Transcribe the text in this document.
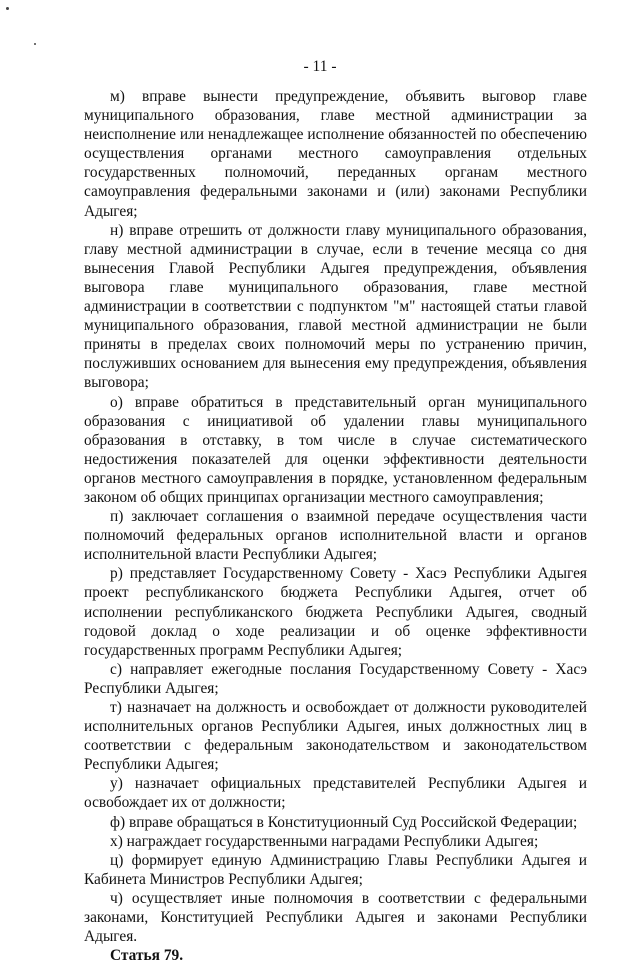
- 11 -

м) вправе вынести предупреждение, объявить выговор главе муниципального образования, главе местной администрации за неисполнение или ненадлежащее исполнение обязанностей по обеспечению осуществления органами местного самоуправления отдельных государственных полномочий, переданных органам местного самоуправления федеральными законами и (или) законами Республики Адыгея;

н) вправе отрешить от должности главу муниципального образования, главу местной администрации в случае, если в течение месяца со дня вынесения Главой Республики Адыгея предупреждения, объявления выговора главе муниципального образования, главе местной администрации в соответствии с подпунктом "м" настоящей статьи главой муниципального образования, главой местной администрации не были приняты в пределах своих полномочий меры по устранению причин, послуживших основанием для вынесения ему предупреждения, объявления выговора;

о) вправе обратиться в представительный орган муниципального образования с инициативой об удалении главы муниципального образования в отставку, в том числе в случае систематического недостижения показателей для оценки эффективности деятельности органов местного самоуправления в порядке, установленном федеральным законом об общих принципах организации местного самоуправления;

п) заключает соглашения о взаимной передаче осуществления части полномочий федеральных органов исполнительной власти и органов исполнительной власти Республики Адыгея;

р) представляет Государственному Совету - Хасэ Республики Адыгея проект республиканского бюджета Республики Адыгея, отчет об исполнении республиканского бюджета Республики Адыгея, сводный годовой доклад о ходе реализации и об оценке эффективности государственных программ Республики Адыгея;

с) направляет ежегодные послания Государственному Совету - Хасэ Республики Адыгея;

т) назначает на должность и освобождает от должности руководителей исполнительных органов Республики Адыгея, иных должностных лиц в соответствии с федеральным законодательством и законодательством Республики Адыгея;

у) назначает официальных представителей Республики Адыгея и освобождает их от должности;

ф) вправе обращаться в Конституционный Суд Российской Федерации;

х) награждает государственными наградами Республики Адыгея;

ц) формирует единую Администрацию Главы Республики Адыгея и Кабинета Министров Республики Адыгея;

ч) осуществляет иные полномочия в соответствии с федеральными законами, Конституцией Республики Адыгея и законами Республики Адыгея.

Статья 79.
